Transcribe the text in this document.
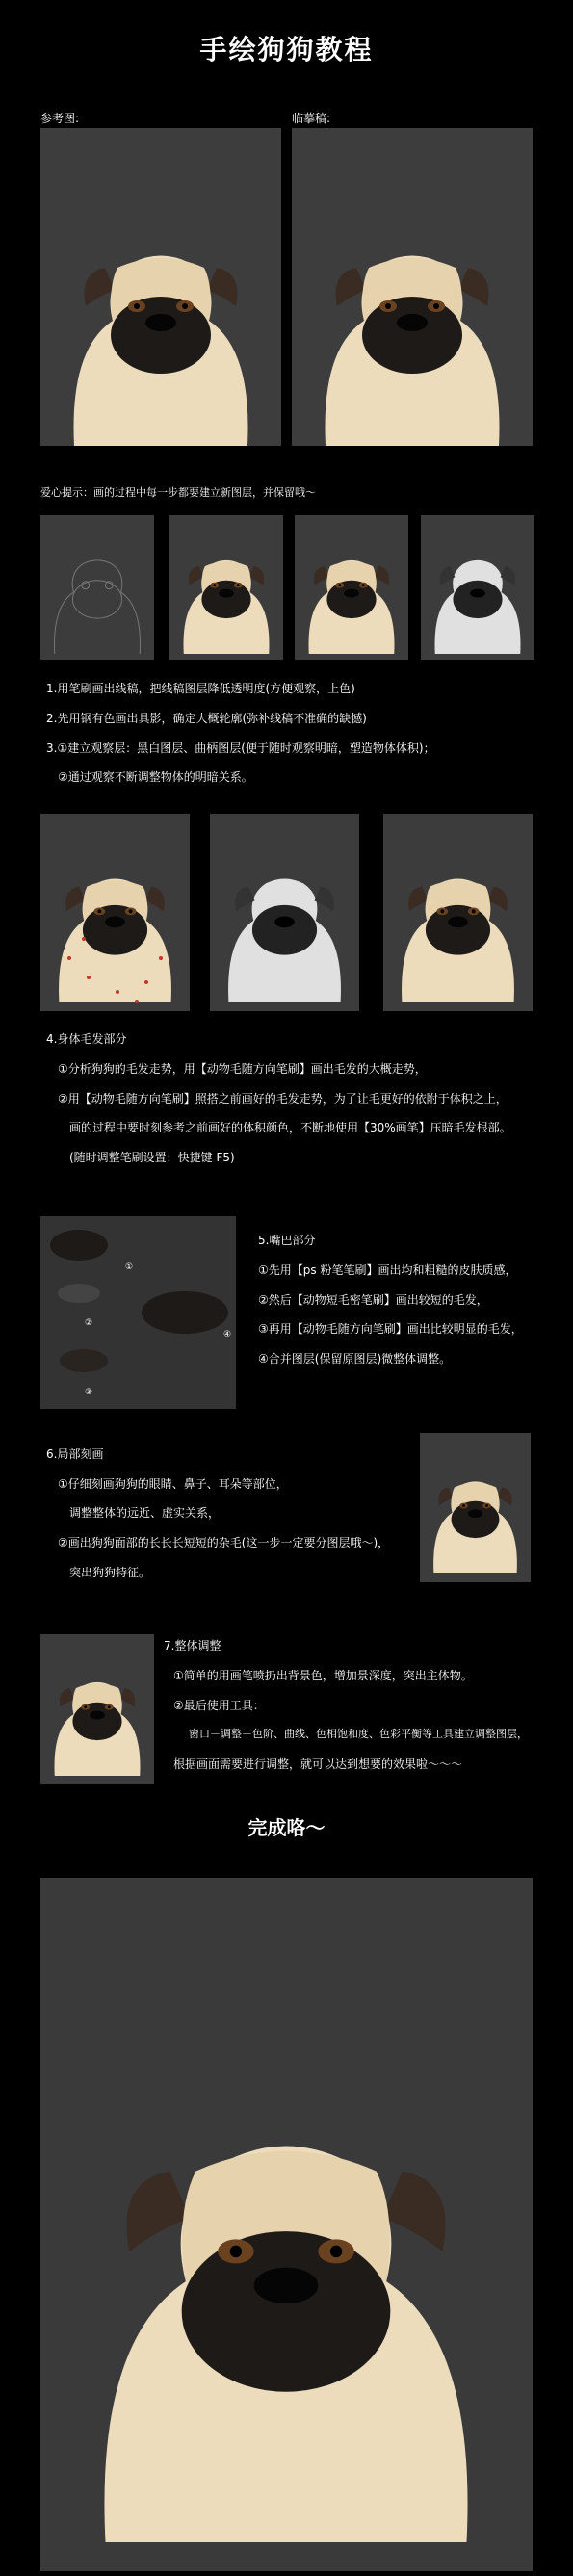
手绘狗狗教程
参考图:	临摹稿:
爱心提示：画的过程中每一步都要建立新图层，并保留哦～
1.用笔刷画出线稿，把线稿图层降低透明度(方便观察，上色)
2.先用钢有色画出具影，确定大概轮廓(弥补线稿不准确的缺憾)
3.①建立观察层：黑白图层、曲柄图层(便于随时观察明暗，塑造物体体积)；
②通过观察不断调整物体的明暗关系。
4.身体毛发部分
①分析狗狗的毛发走势，用【动物毛随方向笔刷】画出毛发的大概走势，
②用【动物毛随方向笔刷】照搭之前画好的毛发走势，为了让毛更好的依附于体积之上，
画的过程中要时刻参考之前画好的体积颜色，不断地使用【30%画笔】压暗毛发根部。
(随时调整笔刷设置：快捷键 F5)
①
②
③
④
5.嘴巴部分
①先用【ps 粉笔笔刷】画出均和粗糙的皮肤质感，
②然后【动物短毛密笔刷】画出较短的毛发，
③再用【动物毛随方向笔刷】画出比较明显的毛发，
④合并图层(保留原图层)微整体调整。
6.局部刻画
①仔细刻画狗狗的眼睛、鼻子、耳朵等部位，
调整整体的远近、虚实关系，
②画出狗狗面部的长长长短短的杂毛(这一步一定要分图层哦～)，
突出狗狗特征。
7.整体调整
①简单的用画笔喷扔出背景色，增加景深度，突出主体物。
②最后使用工具：
窗口－调整－色阶、曲线、色相饱和度、色彩平衡等工具建立调整图层，
根据画面需要进行调整，就可以达到想要的效果啦～～～
完成咯～
